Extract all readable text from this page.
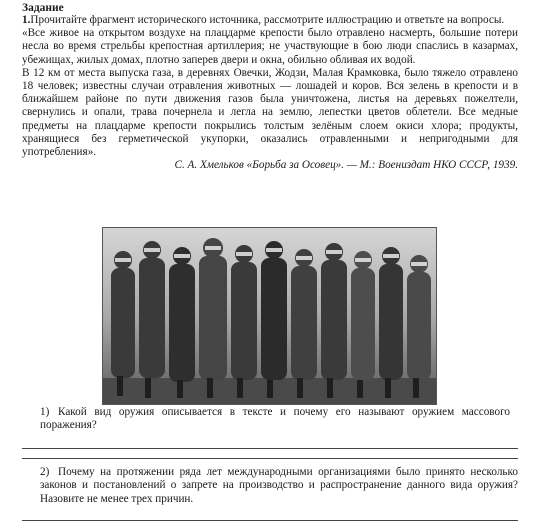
Задание

1.Прочитайте фрагмент исторического источника, рассмотрите иллюстрацию и ответьте на вопросы.

«Все живое на открытом воздухе на плацдарме крепости было отравлено насмерть, большие потери несла во время стрельбы крепостная артиллерия; не участвующие в бою люди спаслись в казармах, убежищах, жилых домах, плотно заперев двери и окна, обильно обливая их водой.

В 12 км от места выпуска газа, в деревнях Овечки, Жодзи, Малая Крамковка, было тяжело отравлено 18 человек; известны случаи отравления животных — лошадей и коров. Вся зелень в крепости и в ближайшем районе по пути движения газов была уничтожена, листья на деревьях пожелтели, свернулись и опали, трава почернела и легла на землю, лепестки цветов облетели. Все медные предметы на плацдарме крепости покрылись толстым зелёным слоем окиси хлора; продукты, хранящиеся без герметической укупорки, оказались отравленными и непригодными для употребления».

С. А. Хмельков «Борьба за Осовец». — М.: Воениздат НКО СССР, 1939.

1) Какой вид оружия описывается в тексте и почему его называют оружием массового поражения?
2) Почему на протяжении ряда лет международными организациями было принято несколько законов и постановлений о запрете на производство и распространение данного вида оружия? Назовите не менее трех причин.
